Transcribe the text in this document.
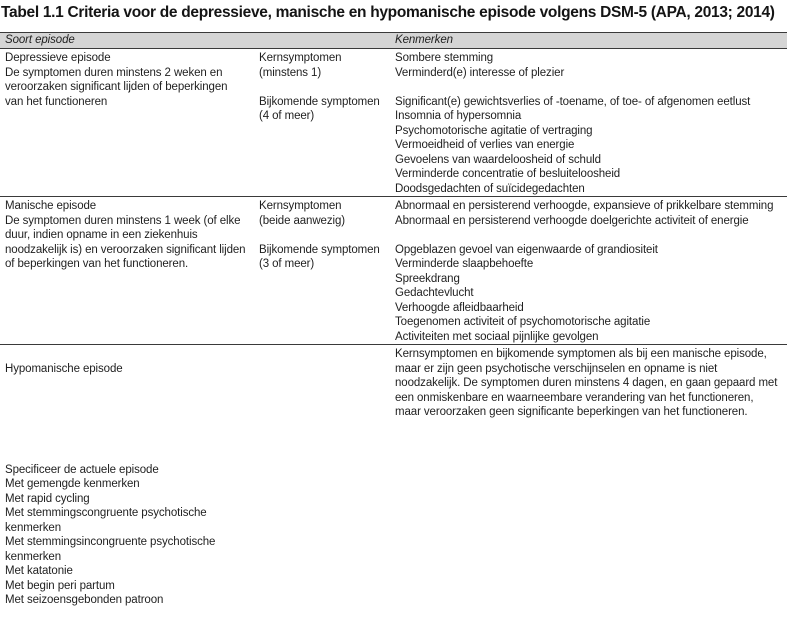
Tabel 1.1 Criteria voor de depressieve, manische en hypomanische episode volgens DSM-5 (APA, 2013; 2014)
Soort episode	Kenmerken
Depressieve episode
De symptomen duren minstens 2 weken en
veroorzaken significant lijden of beperkingen
van het functioneren
Kernsymptomen
(minstens 1)

Bijkomende symptomen
(4 of meer)
Sombere stemming
Verminderd(e) interesse of plezier

Significant(e) gewichtsverlies of -toename, of toe- of afgenomen eetlust
Insomnia of hypersomnia
Psychomotorische agitatie of vertraging
Vermoeidheid of verlies van energie
Gevoelens van waardeloosheid of schuld
Verminderde concentratie of besluiteloosheid
Doodsgedachten of suïcidegedachten
Manische episode
De symptomen duren minstens 1 week (of elke
duur, indien opname in een ziekenhuis
noodzakelijk is) en veroorzaken significant lijden
of beperkingen van het functioneren.
Kernsymptomen
(beide aanwezig)

Bijkomende symptomen
(3 of meer)
Abnormaal en persisterend verhoogde, expansieve of prikkelbare stemming
Abnormaal en persisterend verhoogde doelgerichte activiteit of energie

Opgeblazen gevoel van eigenwaarde of grandiositeit
Verminderde slaapbehoefte
Spreekdrang
Gedachtevlucht
Verhoogde afleidbaarheid
Toegenomen activiteit of psychomotorische agitatie
Activiteiten met sociaal pijnlijke gevolgen

Hypomanische episode

Specificeer de actuele episode
Met gemengde kenmerken
Met rapid cycling
Met stemmingscongruente psychotische
kenmerken
Met stemmingsincongruente psychotische
kenmerken
Met katatonie
Met begin peri partum
Met seizoensgebonden patroon

Kernsymptomen en bijkomende symptomen als bij een manische episode,
maar er zijn geen psychotische verschijnselen en opname is niet
noodzakelijk. De symptomen duren minstens 4 dagen, en gaan gepaard met
een onmiskenbare en waarneembare verandering van het functioneren,
maar veroorzaken geen significante beperkingen van het functioneren.
